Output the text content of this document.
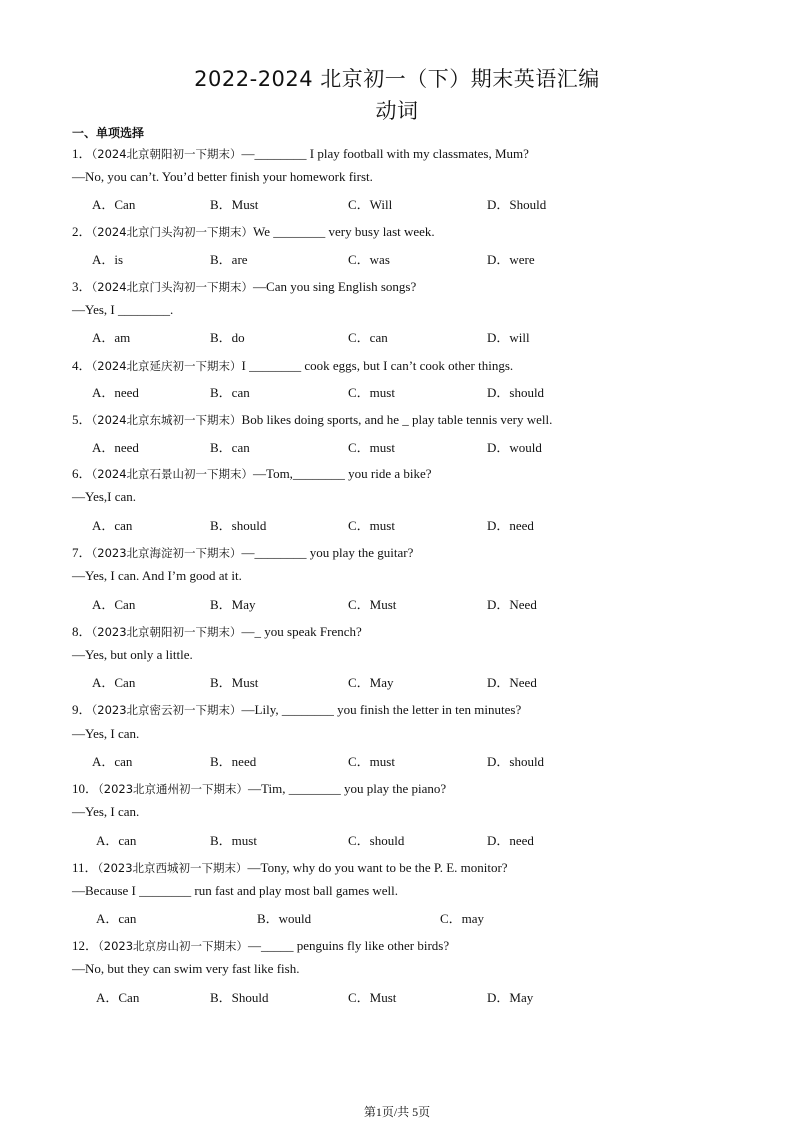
2022-2024 北京初一（下）期末英语汇编
动词
一、单项选择
1．（2024北京朝阳初一下期末）—________ I play football with my classmates, Mum?
—No, you can’t. You’d better finish your homework first.
A．Can	B．Must	C．Will	D．Should
2．（2024北京门头沟初一下期末）We ________ very busy last week.
A．is	B．are	C．was	D．were
3．（2024北京门头沟初一下期末）—Can you sing English songs?
—Yes, I ________.
A．am	B．do	C．can	D．will
4．（2024北京延庆初一下期末）I ________ cook eggs, but I can’t cook other things.
A．need	B．can	C．must	D．should
5．（2024北京东城初一下期末）Bob likes doing sports, and he _ play table tennis very well.
A．need	B．can	C．must	D．would
6．（2024北京石景山初一下期末）—Tom,________ you ride a bike?
—Yes,I can.
A．can	B．should	C．must	D．need
7．（2023北京海淀初一下期末）—________ you play the guitar?
—Yes, I can. And I’m good at it.
A．Can	B．May	C．Must	D．Need
8．（2023北京朝阳初一下期末）—_ you speak French?
—Yes, but only a little.
A．Can	B．Must	C．May	D．Need
9．（2023北京密云初一下期末）—Lily, ________ you finish the letter in ten minutes?
—Yes, I can.
A．can	B．need	C．must	D．should
10．（2023北京通州初一下期末）—Tim, ________ you play the piano?
—Yes, I can.
A．can	B．must	C．should	D．need
11．（2023北京西城初一下期末）—Tony, why do you want to be the P. E. monitor?
—Because I ________ run fast and play most ball games well.
A．can	B．would	C．may
12．（2023北京房山初一下期末）—_____ penguins fly like other birds?
—No, but they can swim very fast like fish.
A．Can	B．Should	C．Must	D．May
第1页/共 5页
